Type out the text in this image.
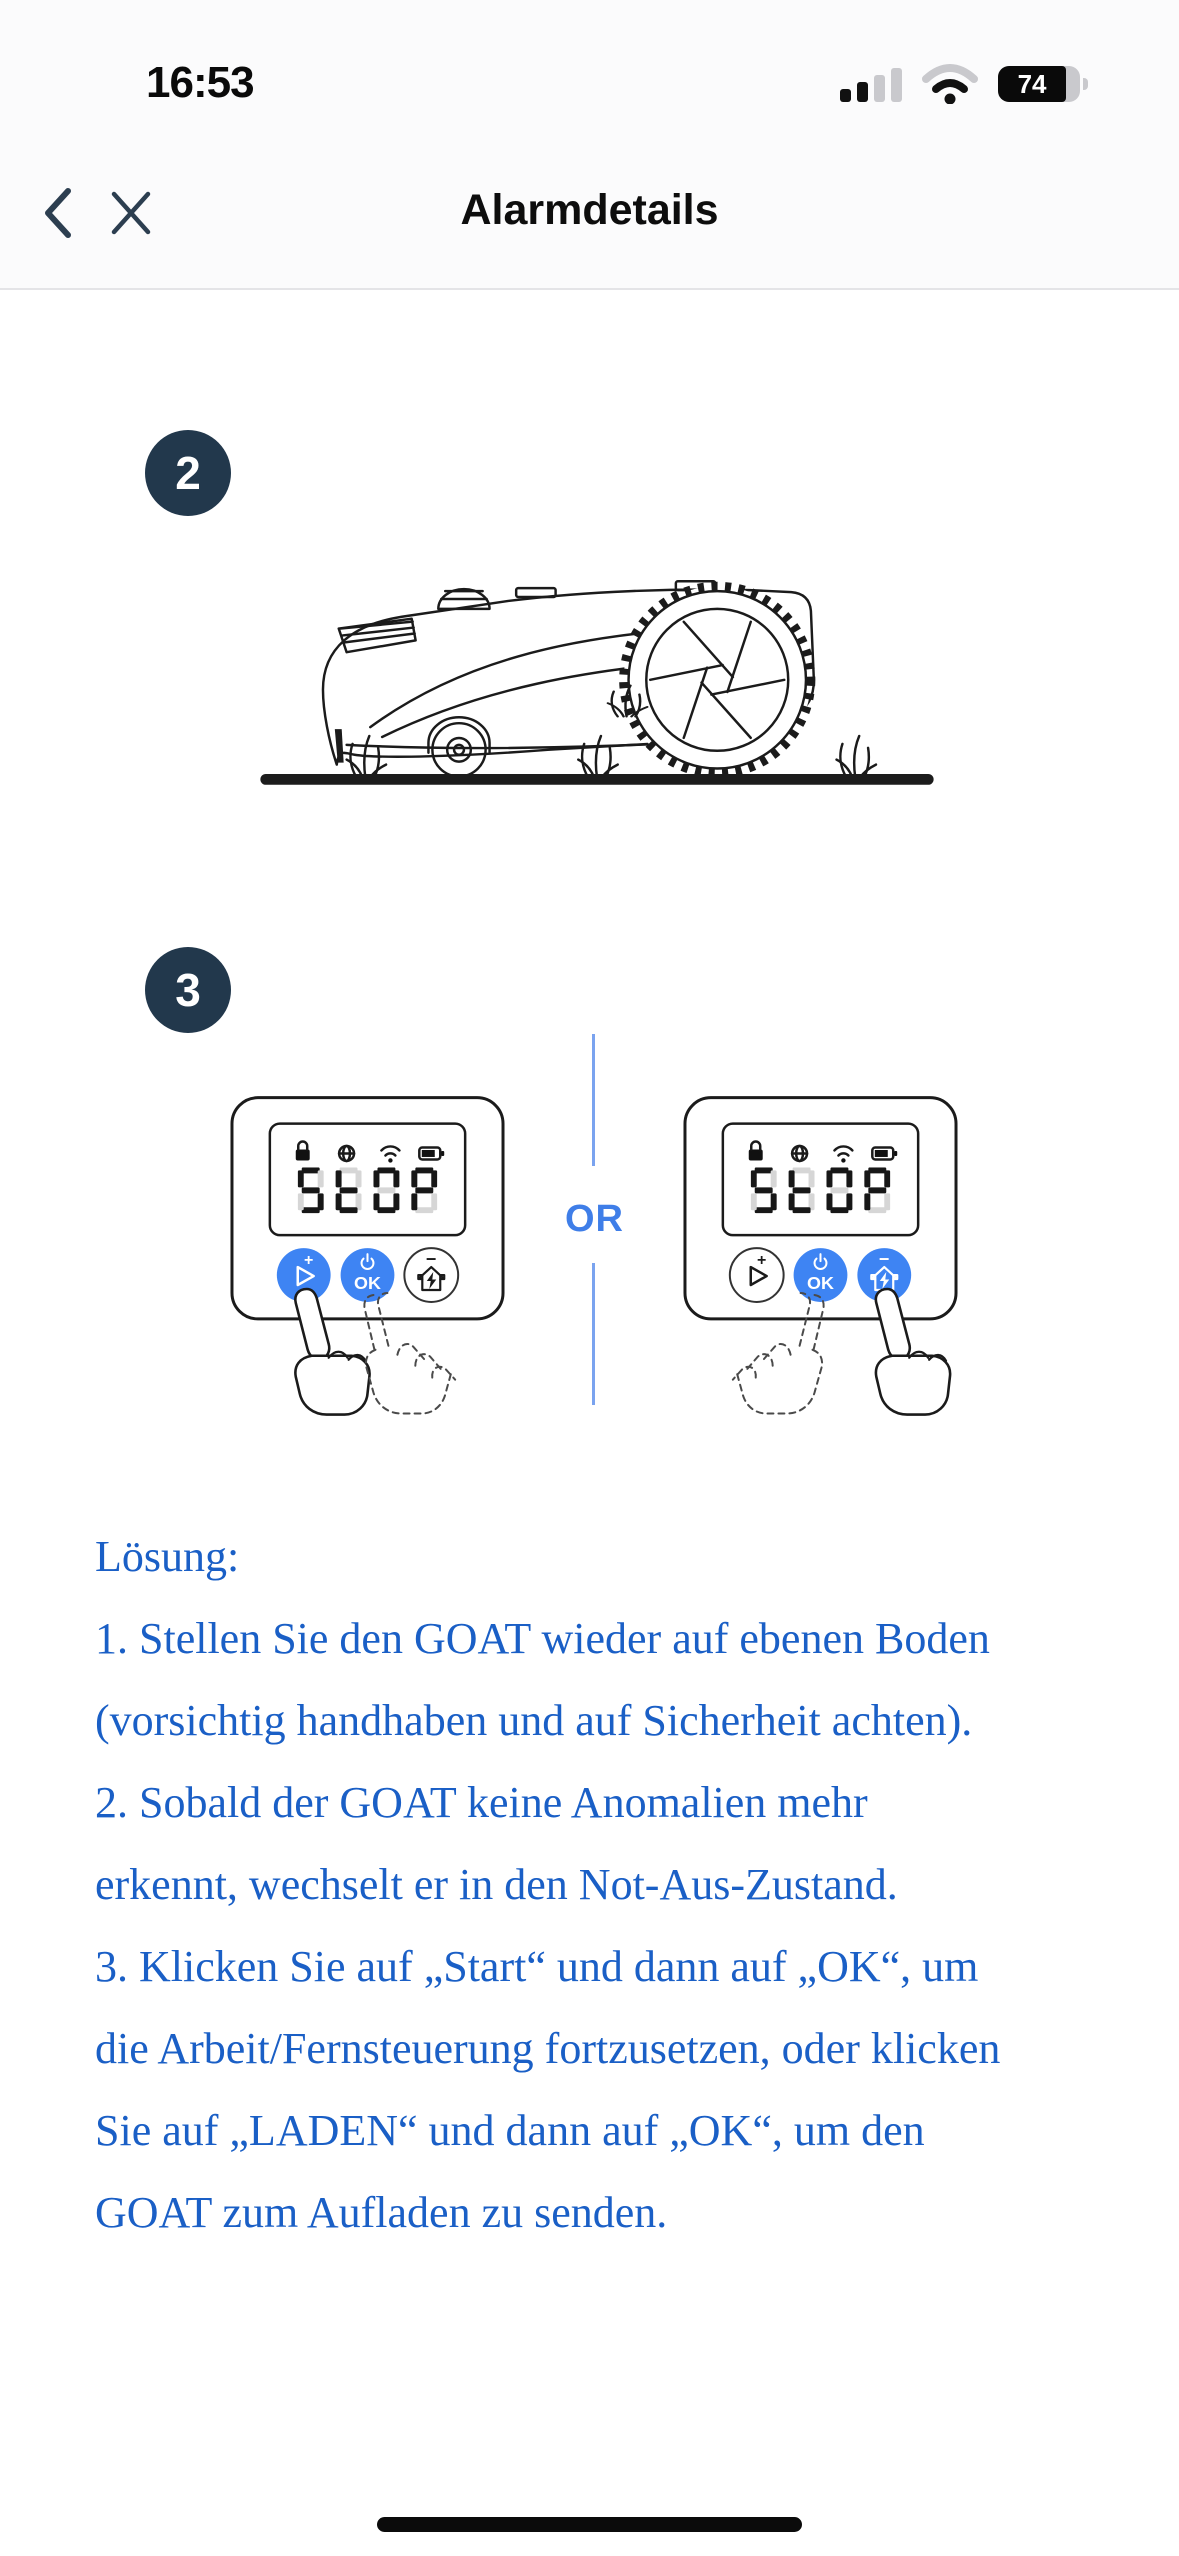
16:53	74
Alarmdetails
2
3
+
OK
−
OR
+
OK
−

Lösung:

1. Stellen Sie den GOAT wieder auf ebenen Boden

(vorsichtig handhaben und auf Sicherheit achten).

2. Sobald der GOAT keine Anomalien mehr

erkennt, wechselt er in den Not-Aus-Zustand.

3. Klicken Sie auf „Start“ und dann auf „OK“, um

die Arbeit/Fernsteuerung fortzusetzen, oder klicken

Sie auf „LADEN“ und dann auf „OK“, um den

GOAT zum Aufladen zu senden.
